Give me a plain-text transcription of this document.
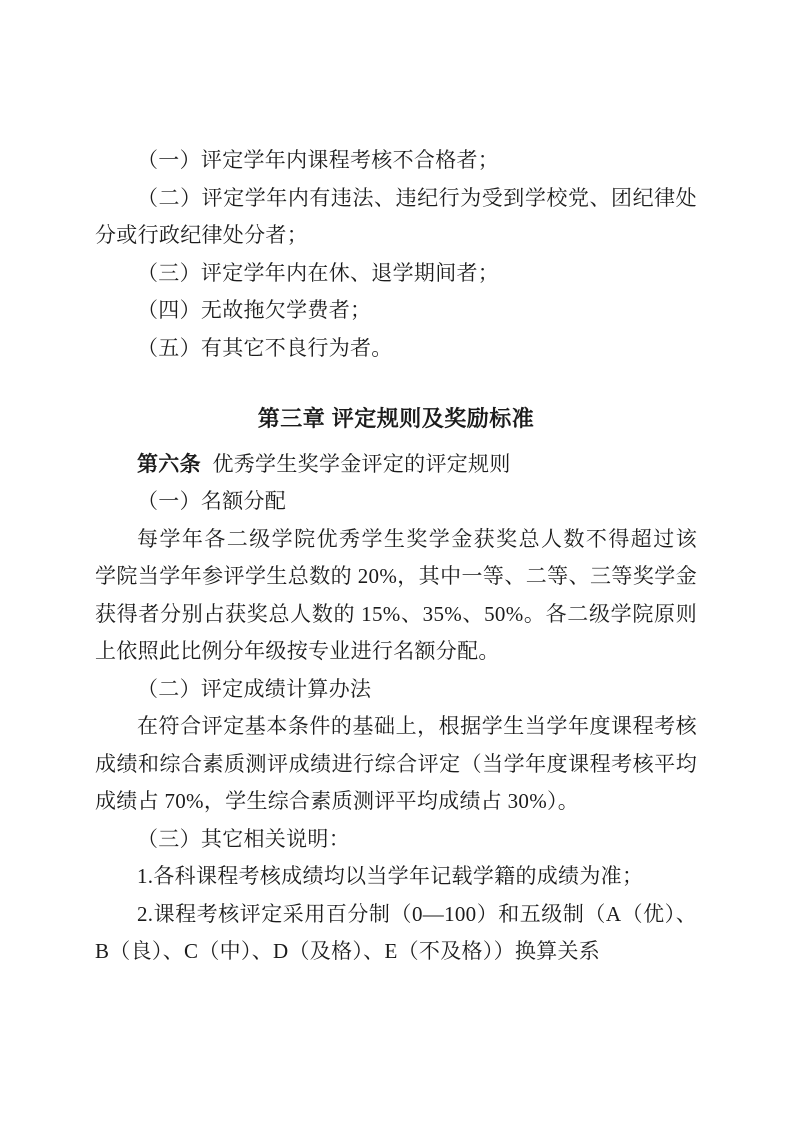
（一）评定学年内课程考核不合格者；
（二）评定学年内有违法、违纪行为受到学校党、团纪律处
分或行政纪律处分者；
（三）评定学年内在休、退学期间者；
（四）无故拖欠学费者；
（五）有其它不良行为者。
第三章 评定规则及奖励标准
第六条 优秀学生奖学金评定的评定规则
（一）名额分配
每学年各二级学院优秀学生奖学金获奖总人数不得超过该
学院当学年参评学生总数的 20%，其中一等、二等、三等奖学金
获得者分别占获奖总人数的 15%、35%、50%。各二级学院原则
上依照此比例分年级按专业进行名额分配。
（二）评定成绩计算办法
在符合评定基本条件的基础上，根据学生当学年度课程考核
成绩和综合素质测评成绩进行综合评定（当学年度课程考核平均
成绩占 70%，学生综合素质测评平均成绩占 30%）。
（三）其它相关说明：
1.各科课程考核成绩均以当学年记载学籍的成绩为准；
2.课程考核评定采用百分制（0—100）和五级制（A（优）、
B（良）、C（中）、D（及格）、E（不及格））换算关系
